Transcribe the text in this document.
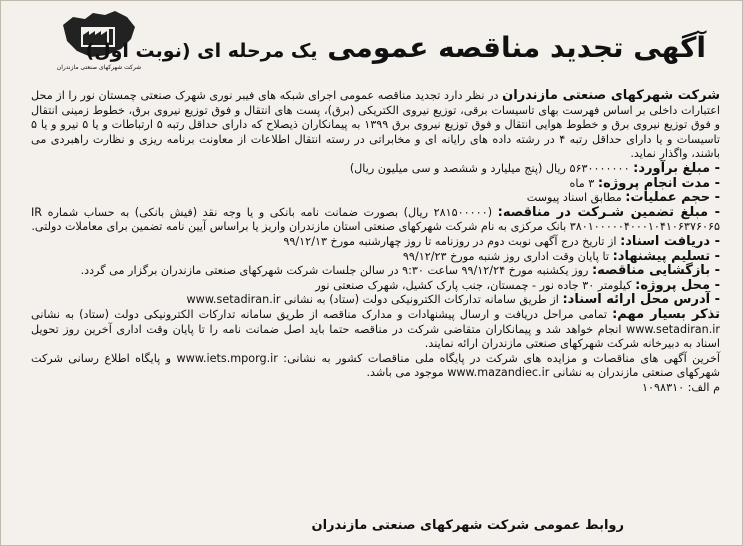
شرکت شهرکهای صنعتی مازندران
آگهی تجدید مناقصه عمومی یک مرحله ای (نوبت اول)

شرکت شهرکهای صنعتی مازندران در نظر دارد تجدید مناقصه عمومی اجرای شبکه های فیبر نوری شهرک صنعتی چمستان نور را از محل اعتبارات داخلی بر اساس فهرست بهای تاسیسات برقی، توزیع نیروی الکتریکی (برق)، پست های انتقال و فوق توزیع نیروی برق، خطوط زمینی انتقال و فوق توزیع نیروی برق و خطوط هوایی انتقال و فوق توزیع نیروی برق ۱۳۹۹ به پیمانکاران ذیصلاح که دارای حداقل رتبه ۵ ارتباطات و یا ۵ نیرو و یا ۵ تاسیسات و یا دارای حداقل رتبه ۴ در رشته داده های رایانه ای و مخابراتی در رسته انتقال اطلاعات از معاونت برنامه ریزی و نظارت راهبردی می باشند، واگذار نماید.

- مبلغ برآورد: ۵۶۳۰۰۰۰۰۰۰ ریال (پنج میلیارد و ششصد و سی میلیون ریال)

- مدت انجام پروژه: ۳ ماه

- حجم عملیات: مطابق اسناد پیوست

- مبلغ تضمین شـرکت در مناقصه: (۲۸۱۵۰۰۰۰۰ ریال) بصورت ضمانت نامه بانکی و یا وجه نقد (فیش بانکی) به حساب شماره IR ۳۸۰۱۰۰۰۰۰۴۰۰۰۱۰۴۱۰۶۳۷۶۰۶۵ بانک مرکزی به نام شرکت شهرکهای صنعتی استان مازندران واریز یا براساس آیین نامه تضمین برای معاملات دولتی.

- دریافت اسناد: از تاریخ درج آگهی نوبت دوم در روزنامه تا روز چهارشنبه مورخ ۹۹/۱۲/۱۳

- تسلیم پیشنهاد: تا پایان وقت اداری روز شنبه مورخ ۹۹/۱۲/۲۳

- بازگشایی مناقصه: روز یکشنبه مورخ ۹۹/۱۲/۲۴ ساعت ۹:۳۰ در سالن جلسات شرکت شهرکهای صنعتی مازندران برگزار می گردد.

- محل پروژه: کیلومتر ۳۰ جاده نور - چمستان، جنب پارک کشیل، شهرک صنعتی نور

- آدرس محل ارائه اسناد: از طریق سامانه تدارکات الکترونیکی دولت (ستاد) به نشانی www.setadiran.ir

تذکر بسیار مهم: تمامی مراحل دریافت و ارسال پیشنهادات و مدارک مناقصه از طریق سامانه تدارکات الکترونیکی دولت (ستاد) به نشانی www.setadiran.ir انجام خواهد شد و پیمانکاران متقاضی شرکت در مناقصه حتما باید اصل ضمانت نامه را تا پایان وقت اداری آخرین روز تحویل اسناد به دبیرخانه شرکت شهرکهای صنعتی مازندران ارائه نمایند.

آخرین آگهی های مناقصات و مزایده های شرکت در پایگاه ملی مناقصات کشور به نشانی: www.iets.mporg.ir و پایگاه اطلاع رسانی شرکت شهرکهای صنعتی مازندران به نشانی www.mazandiec.ir موجود می باشد.

م الف: ۱۰۹۸۳۱۰

روابط عمومی شرکت شهرکهای صنعتی مازندران
